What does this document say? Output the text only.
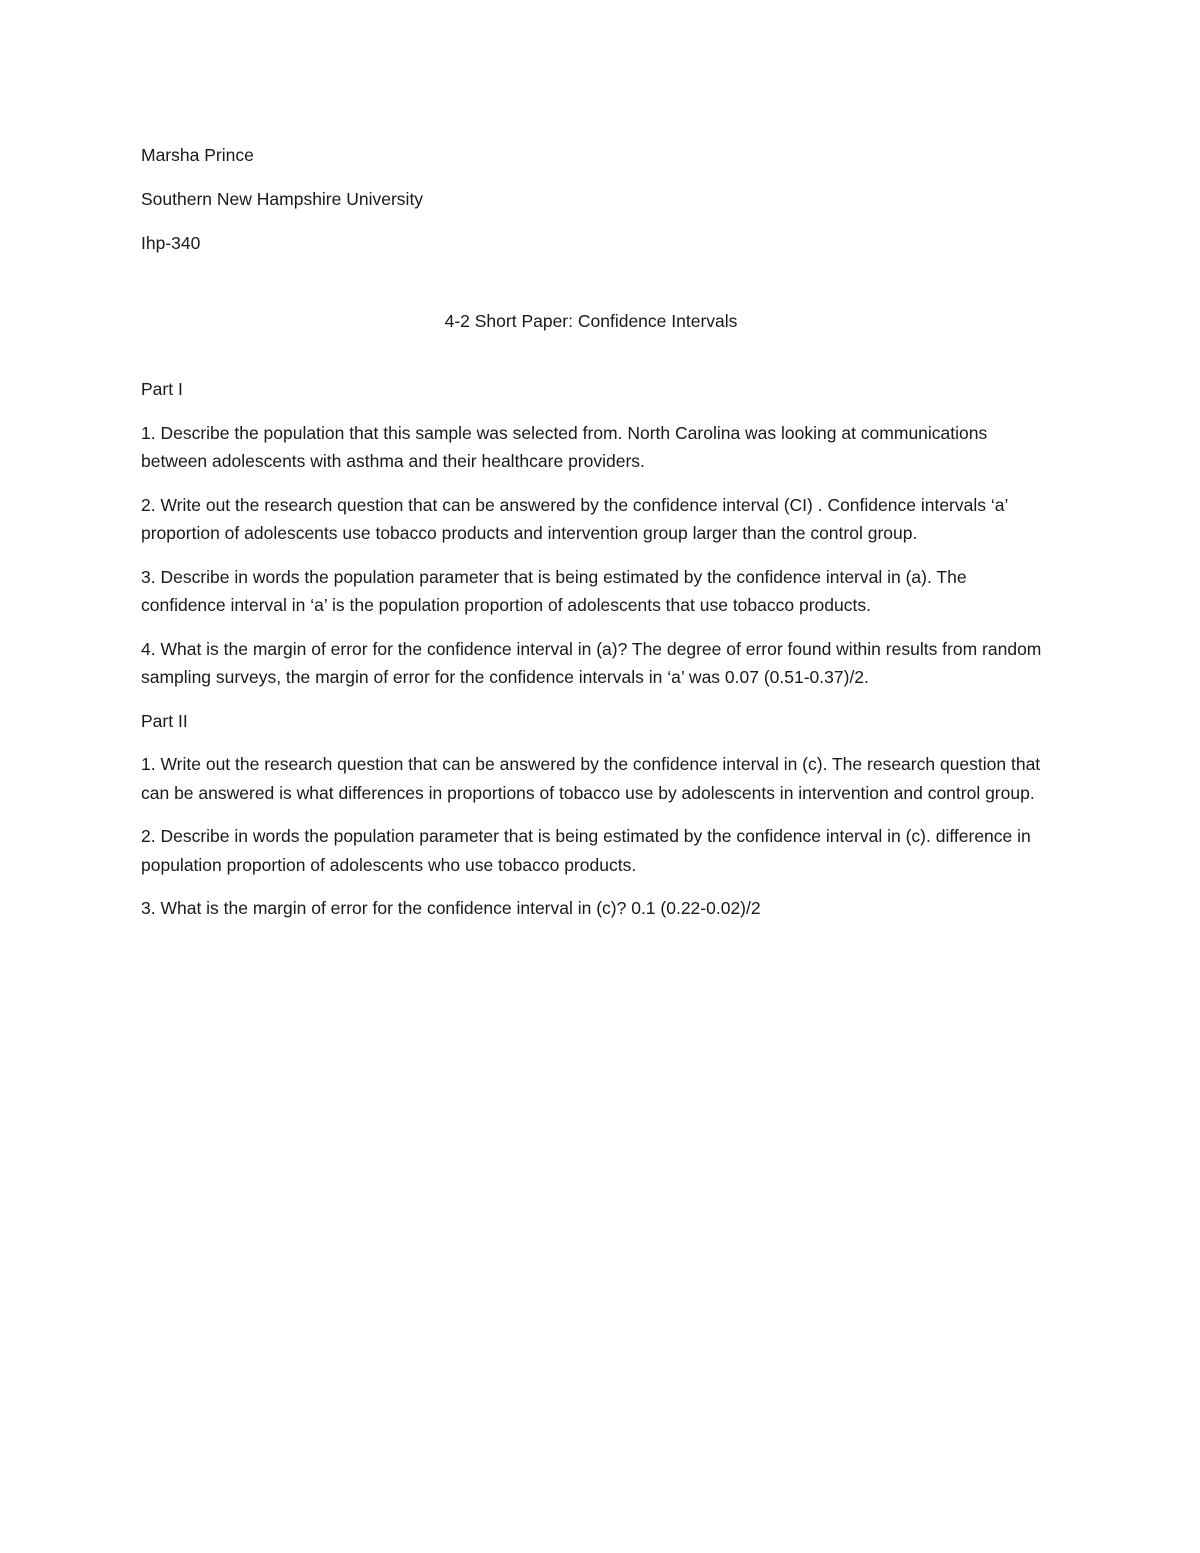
Marsha Prince

Southern New Hampshire University

Ihp-340

4-2 Short Paper: Confidence Intervals

Part I

1. Describe the population that this sample was selected from. North Carolina was looking at communications between adolescents with asthma and their healthcare providers.

2. Write out the research question that can be answered by the confidence interval (CI) . Confidence intervals ‘a’ proportion of adolescents use tobacco products and intervention group larger than the control group.

3. Describe in words the population parameter that is being estimated by the confidence interval in (a). The confidence interval in ‘a’ is the population proportion of adolescents that use tobacco products.

4. What is the margin of error for the confidence interval in (a)? The degree of error found within results from random sampling surveys, the margin of error for the confidence intervals in ‘a’ was 0.07 (0.51-0.37)/2.

Part II

1. Write out the research question that can be answered by the confidence interval in (c). The research question that can be answered is what differences in proportions of tobacco use by adolescents in intervention and control group.

2. Describe in words the population parameter that is being estimated by the confidence interval in (c). difference in population proportion of adolescents who use tobacco products.

3. What is the margin of error for the confidence interval in (c)? 0.1 (0.22-0.02)/2
